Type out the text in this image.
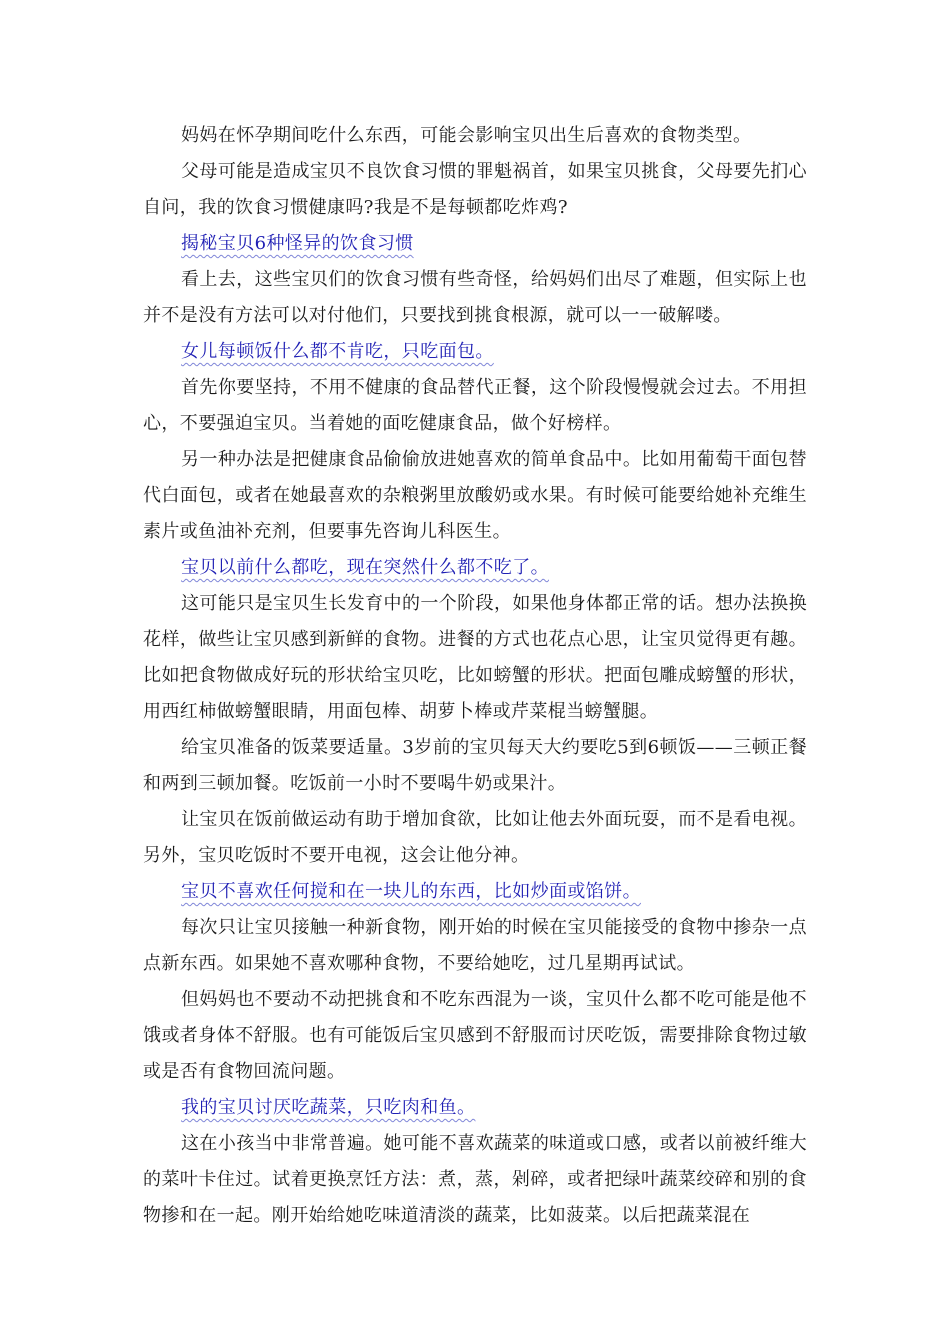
妈妈在怀孕期间吃什么东西，可能会影响宝贝出生后喜欢的食物类型。

父母可能是造成宝贝不良饮食习惯的罪魁祸首，如果宝贝挑食，父母要先扪心自问，我的饮食习惯健康吗?我是不是每顿都吃炸鸡?

揭秘宝贝6种怪异的饮食习惯

看上去，这些宝贝们的饮食习惯有些奇怪，给妈妈们出尽了难题，但实际上也并不是没有方法可以对付他们，只要找到挑食根源，就可以一一破解喽。

女儿每顿饭什么都不肯吃，只吃面包。

首先你要坚持，不用不健康的食品替代正餐，这个阶段慢慢就会过去。不用担心，不要强迫宝贝。当着她的面吃健康食品，做个好榜样。

另一种办法是把健康食品偷偷放进她喜欢的简单食品中。比如用葡萄干面包替代白面包，或者在她最喜欢的杂粮粥里放酸奶或水果。有时候可能要给她补充维生素片或鱼油补充剂，但要事先咨询儿科医生。

宝贝以前什么都吃，现在突然什么都不吃了。

这可能只是宝贝生长发育中的一个阶段，如果他身体都正常的话。想办法换换花样，做些让宝贝感到新鲜的食物。进餐的方式也花点心思，让宝贝觉得更有趣。比如把食物做成好玩的形状给宝贝吃，比如螃蟹的形状。把面包雕成螃蟹的形状，用西红柿做螃蟹眼睛，用面包棒、胡萝卜棒或芹菜棍当螃蟹腿。

给宝贝准备的饭菜要适量。3岁前的宝贝每天大约要吃5到6顿饭——三顿正餐和两到三顿加餐。吃饭前一小时不要喝牛奶或果汁。

让宝贝在饭前做运动有助于增加食欲，比如让他去外面玩耍，而不是看电视。另外，宝贝吃饭时不要开电视，这会让他分神。

宝贝不喜欢任何搅和在一块儿的东西，比如炒面或馅饼。

每次只让宝贝接触一种新食物，刚开始的时候在宝贝能接受的食物中掺杂一点点新东西。如果她不喜欢哪种食物，不要给她吃，过几星期再试试。

但妈妈也不要动不动把挑食和不吃东西混为一谈，宝贝什么都不吃可能是他不饿或者身体不舒服。也有可能饭后宝贝感到不舒服而讨厌吃饭，需要排除食物过敏或是否有食物回流问题。

我的宝贝讨厌吃蔬菜，只吃肉和鱼。

这在小孩当中非常普遍。她可能不喜欢蔬菜的味道或口感，或者以前被纤维大的菜叶卡住过。试着更换烹饪方法：煮，蒸，剁碎，或者把绿叶蔬菜绞碎和别的食物掺和在一起。刚开始给她吃味道清淡的蔬菜，比如菠菜。以后把蔬菜混在
